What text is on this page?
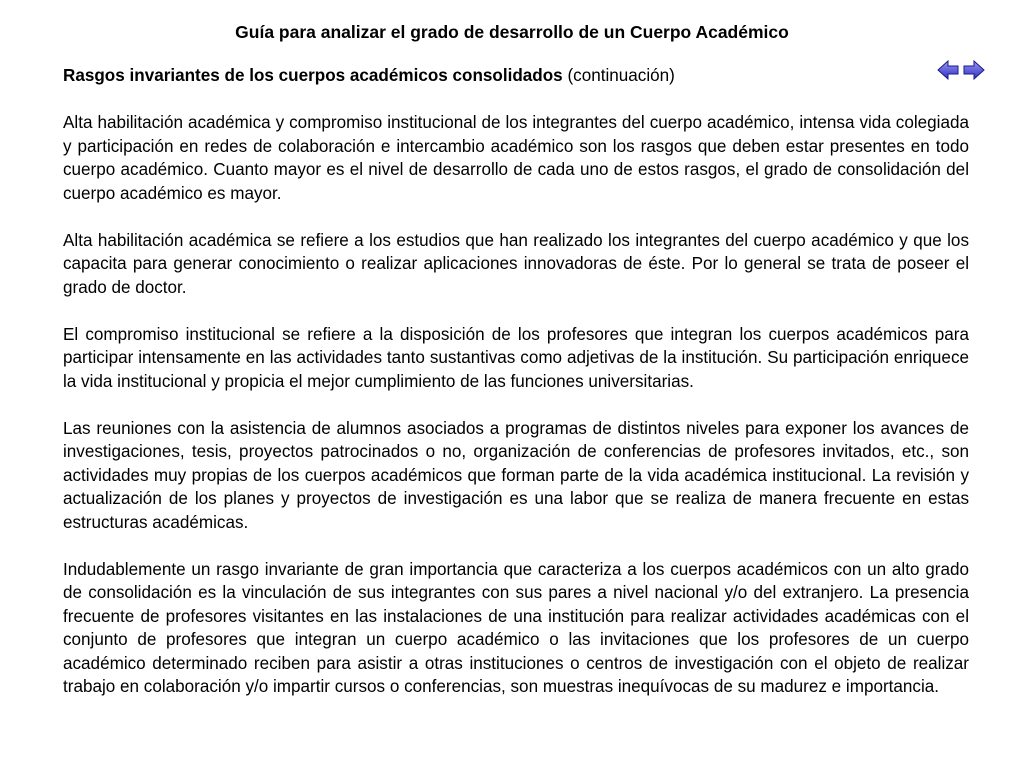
Guía para analizar el grado de desarrollo de un Cuerpo Académico

Rasgos invariantes de los cuerpos académicos consolidados (continuación)

Alta habilitación académica y compromiso institucional de los integrantes del cuerpo académico, intensa vida colegiada y participación en redes de colaboración e intercambio académico son los rasgos que deben estar presentes en todo cuerpo académico. Cuanto mayor es el nivel de desarrollo de cada uno de estos rasgos, el grado de consolidación del cuerpo académico es mayor.

Alta habilitación académica se refiere a los estudios que han realizado los integrantes del cuerpo académico y que los capacita para generar conocimiento o realizar aplicaciones innovadoras de éste. Por lo general se trata de poseer el grado de doctor.

El compromiso institucional se refiere a la disposición de los profesores que integran los cuerpos académicos para participar intensamente en las actividades tanto sustantivas como adjetivas de la institución. Su participación enriquece la vida institucional y propicia el mejor cumplimiento de las funciones universitarias.

Las reuniones con la asistencia de alumnos asociados a programas de distintos niveles para exponer los avances de investigaciones, tesis, proyectos patrocinados o no, organización de conferencias de profesores invitados, etc., son actividades muy propias de los cuerpos académicos que forman parte de la vida académica institucional. La revisión y actualización de los planes y proyectos de investigación es una labor que se realiza de manera frecuente en estas estructuras académicas.

Indudablemente un rasgo invariante de gran importancia que caracteriza a los cuerpos académicos con un alto grado de consolidación es la vinculación de sus integrantes con sus pares a nivel nacional y/o del extranjero. La presencia frecuente de profesores visitantes en las instalaciones de una institución para realizar actividades académicas con el conjunto de profesores que integran un cuerpo académico o las invitaciones que los profesores de un cuerpo académico determinado reciben para asistir a otras instituciones o centros de investigación con el objeto de realizar trabajo en colaboración y/o impartir cursos o conferencias, son muestras inequívocas de su madurez e importancia.
